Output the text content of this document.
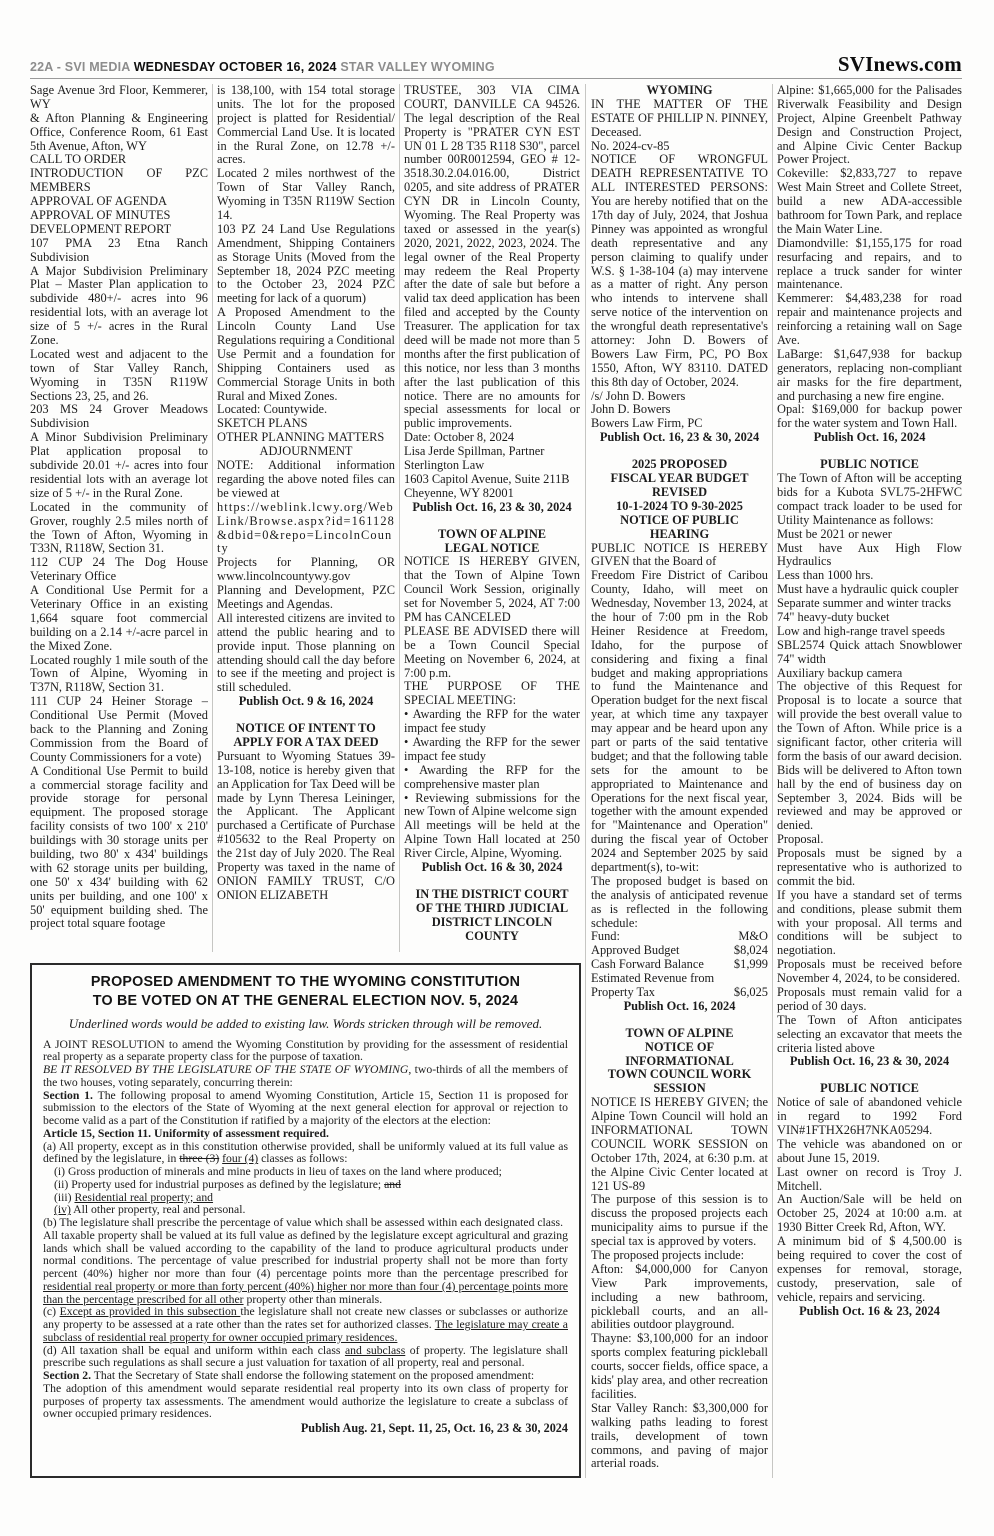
22A - SVI MEDIA WEDNESDAY OCTOBER 16, 2024 STAR VALLEY WYOMING	SVInews.com

Sage Avenue 3rd Floor, Kemmerer, WY

& Afton Planning & Engineering Office, Conference Room, 61 East 5th Avenue, Afton, WY

CALL TO ORDER

INTRODUCTION OF PZC MEMBERS

APPROVAL OF AGENDA

APPROVAL OF MINUTES

DEVELOPMENT REPORT

107 PMA 23 Etna Ranch Subdivision

A Major Subdivision Preliminary Plat – Master Plan application to subdivide 480+/- acres into 96 residential lots, with an average lot size of 5 +/- acres in the Rural Zone.

Located west and adjacent to the town of Star Valley Ranch, Wyoming in T35N R119W Sections 23, 25, and 26.

203 MS 24 Grover Meadows Subdivision

A Minor Subdivision Preliminary Plat application proposal to subdivide 20.01 +/- acres into four residential lots with an average lot size of 5 +/- in the Rural Zone.

Located in the community of Grover, roughly 2.5 miles north of the Town of Afton, Wyoming in T33N, R118W, Section 31.

112 CUP 24 The Dog House Veterinary Office

A Conditional Use Permit for a Veterinary Office in an existing 1,664 square foot commercial building on a 2.14 +/-acre parcel in the Mixed Zone.

Located roughly 1 mile south of the Town of Alpine, Wyoming in T37N, R118W, Section 31.

111 CUP 24 Heiner Storage – Conditional Use Permit (Moved back to the Planning and Zoning Commission from the Board of County Commissioners for a vote)

A Conditional Use Permit to build a commercial storage facility and provide storage for personal equipment. The proposed storage facility consists of two 100' x 210' buildings with 30 storage units per building, two 80' x 434' buildings with 62 storage units per building, one 50' x 434' building with 62 units per building, and one 100' x 50' equipment building shed. The project total square footage

is 138,100, with 154 total storage units. The lot for the proposed project is platted for Residential/ Commercial Land Use. It is located in the Rural Zone, on 12.78 +/- acres.

Located 2 miles northwest of the Town of Star Valley Ranch, Wyoming in T35N R119W Section 14.

103 PZ 24 Land Use Regulations Amendment, Shipping Containers as Storage Units (Moved from the September 18, 2024 PZC meeting to the October 23, 2024 PZC meeting for lack of a quorum)

A Proposed Amendment to the Lincoln County Land Use Regulations requiring a Conditional Use Permit and a foundation for Shipping Containers used as Commercial Storage Units in both Rural and Mixed Zones.

Located: Countywide.

SKETCH PLANS

OTHER PLANNING MATTERS

ADJOURNMENT

NOTE: Additional information regarding the above noted files can be viewed at

https://weblink.lcwy.org/WebLink/Browse.aspx?id=161128&dbid=0&repo=LincolnCounty

Projects for Planning, OR www.lincolncountywy.gov Planning and Development, PZC Meetings and Agendas.

All interested citizens are invited to attend the public hearing and to provide input. Those planning on attending should call the day before to see if the meeting and project is still scheduled.

Publish Oct. 9 & 16, 2024

NOTICE OF INTENT TO APPLY FOR A TAX DEED

Pursuant to Wyoming Statues 39-13-108, notice is hereby given that an Application for Tax Deed will be made by Lynn Theresa Leininger, the Applicant. The Applicant purchased a Certificate of Purchase #105632 to the Real Property on the 21st day of July 2020. The Real Property was taxed in the name of ONION FAMILY TRUST, C/O ONION ELIZABETH

TRUSTEE, 303 VIA CIMA COURT, DANVILLE CA 94526. The legal description of the Real Property is "PRATER CYN EST UN 01 L 28 T35 R118 S30", parcel number 00R0012594, GEO # 12-3518.30.2.04.016.00, District 0205, and site address of PRATER CYN DR in Lincoln County, Wyoming. The Real Property was taxed or assessed in the year(s) 2020, 2021, 2022, 2023, 2024. The legal owner of the Real Property may redeem the Real Property after the date of sale but before a valid tax deed application has been filed and accepted by the County Treasurer. The application for tax deed will be made not more than 5 months after the first publication of this notice, nor less than 3 months after the last publication of this notice. There are no amounts for special assessments for local or public improvements.

Date: October 8, 2024

Lisa Jerde Spillman, Partner

Sterlington Law

1603 Capitol Avenue, Suite 211B

Cheyenne, WY 82001

Publish Oct. 16, 23 & 30, 2024

TOWN OF ALPINE

LEGAL NOTICE

NOTICE IS HEREBY GIVEN, that the Town of Alpine Town Council Work Session, originally set for November 5, 2024, AT 7:00 PM has CANCELED

PLEASE BE ADVISED there will be a Town Council Special Meeting on November 6, 2024, at 7:00 p.m.

THE PURPOSE OF THE SPECIAL MEETING:

• Awarding the RFP for the water impact fee study

• Awarding the RFP for the sewer impact fee study

• Awarding the RFP for the comprehensive master plan

• Reviewing submissions for the new Town of Alpine welcome sign

All meetings will be held at the Alpine Town Hall located at 250 River Circle, Alpine, Wyoming.

Publish Oct. 16 & 30, 2024

IN THE DISTRICT COURT

OF THE THIRD JUDICIAL

DISTRICT LINCOLN COUNTY

WYOMING

IN THE MATTER OF THE ESTATE OF PHILLIP N. PINNEY, Deceased.

No. 2024-cv-85

NOTICE OF WRONGFUL DEATH REPRESENTATIVE TO ALL INTERESTED PERSONS: You are hereby notified that on the 17th day of July, 2024, that Joshua Pinney was appointed as wrongful death representative and any person claiming to qualify under W.S. § 1-38-104 (a) may intervene as a matter of right. Any person who intends to intervene shall serve notice of the intervention on the wrongful death representative's attorney: John D. Bowers of Bowers Law Firm, PC, PO Box 1550, Afton, WY 83110. DATED this 8th day of October, 2024.

/s/ John D. Bowers

John D. Bowers

Bowers Law Firm, PC

Publish Oct. 16, 23 & 30, 2024

2025 PROPOSED

FISCAL YEAR BUDGET

REVISED

10-1-2024 TO 9-30-2025

NOTICE OF PUBLIC HEARING

PUBLIC NOTICE IS HEREBY GIVEN that the Board of

Freedom Fire District of Caribou County, Idaho, will meet on Wednesday, November 13, 2024, at the hour of 7:00 pm in the Rob Heiner Residence at Freedom, Idaho, for the purpose of considering and fixing a final budget and making appropriations to fund the Maintenance and Operation budget for the next fiscal year, at which time any taxpayer may appear and be heard upon any part or parts of the said tentative budget; and that the following table sets for the amount to be appropriated to Maintenance and Operations for the next fiscal year, together with the amount expended for "Maintenance and Operation" during the fiscal year of October 2024 and September 2025 by said department(s), to-wit:

The proposed budget is based on the analysis of anticipated revenue as is reflected in the following schedule:

Fund:	M&O
Approved Budget	$8,024
Cash Forward Balance $1,999

Estimated Revenue from

Property Tax	$6,025

Publish Oct. 16, 2024

TOWN OF ALPINE

NOTICE OF INFORMATIONAL

TOWN COUNCIL WORK

SESSION

NOTICE IS HEREBY GIVEN; the Alpine Town Council will hold an INFORMATIONAL TOWN COUNCIL WORK SESSION on October 17th, 2024, at 6:30 p.m. at the Alpine Civic Center located at 121 US-89

The purpose of this session is to discuss the proposed projects each municipality aims to pursue if the special tax is approved by voters.

The proposed projects include:

Afton: $4,000,000 for Canyon View Park improvements, including a new bathroom, pickleball courts, and an all-abilities outdoor playground.

Thayne: $3,100,000 for an indoor sports complex featuring pickleball courts, soccer fields, office space, a kids' play area, and other recreation facilities.

Star Valley Ranch: $3,300,000 for walking paths leading to forest trails, development of town commons, and paving of major arterial roads.

Alpine: $1,665,000 for the Palisades Riverwalk Feasibility and Design Project, Alpine Greenbelt Pathway Design and Construction Project, and Alpine Civic Center Backup Power Project.

Cokeville: $2,833,727 to repave West Main Street and Collete Street, build a new ADA-accessible bathroom for Town Park, and replace the Main Water Line.

Diamondville: $1,155,175 for road resurfacing and repairs, and to replace a truck sander for winter maintenance.

Kemmerer: $4,483,238 for road repair and maintenance projects and reinforcing a retaining wall on Sage Ave.

LaBarge: $1,647,938 for backup generators, replacing non-compliant air masks for the fire department, and purchasing a new fire engine.

Opal: $169,000 for backup power for the water system and Town Hall.

Publish Oct. 16, 2024

PUBLIC NOTICE

The Town of Afton will be accepting bids for a Kubota SVL75-2HFWC compact track loader to be used for Utility Maintenance as follows:

Must be 2021 or newer

Must have Aux High Flow Hydraulics

Less than 1000 hrs.

Must have a hydraulic quick coupler

Separate summer and winter tracks

74" heavy-duty bucket

Low and high-range travel speeds

SBL2574 Quick attach Snowblower 74" width

Auxiliary backup camera

The objective of this Request for Proposal is to locate a source that will provide the best overall value to the Town of Afton. While price is a significant factor, other criteria will form the basis of our award decision. Bids will be delivered to Afton town hall by the end of business day on September 3, 2024. Bids will be reviewed and may be approved or denied.

Proposal.

Proposals must be signed by a representative who is authorized to commit the bid.

If you have a standard set of terms and conditions, please submit them with your proposal. All terms and conditions will be subject to negotiation.

Proposals must be received before November 4, 2024, to be considered.

Proposals must remain valid for a period of 30 days.

The Town of Afton anticipates selecting an excavator that meets the criteria listed above

Publish Oct. 16, 23 & 30, 2024

PUBLIC NOTICE

Notice of sale of abandoned vehicle in regard to 1992 Ford VIN#1FTHX26H7NKA05294.

The vehicle was abandoned on or about June 15, 2019.

Last owner on record is Troy J. Mitchell.

An Auction/Sale will be held on October 25, 2024 at 10:00 a.m. at 1930 Bitter Creek Rd, Afton, WY.

A minimum bid of $ 4,500.00 is being required to cover the cost of expenses for removal, storage, custody, preservation, sale of vehicle, repairs and servicing.

Publish Oct. 16 & 23, 2024

PROPOSED AMENDMENT TO THE WYOMING CONSTITUTION
TO BE VOTED ON AT THE GENERAL ELECTION NOV. 5, 2024
Underlined words would be added to existing law. Words stricken through will be removed.

A JOINT RESOLUTION to amend the Wyoming Constitution by providing for the assessment of residential real property as a separate property class for the purpose of taxation.

BE IT RESOLVED BY THE LEGISLATURE OF THE STATE OF WYOMING, two-thirds of all the members of the two houses, voting separately, concurring therein:

Section 1. The following proposal to amend Wyoming Constitution, Article 15, Section 11 is proposed for submission to the electors of the State of Wyoming at the next general election for approval or rejection to become valid as a part of the Constitution if ratified by a majority of the electors at the election:

Article 15, Section 11. Uniformity of assessment required.

(a) All property, except as in this constitution otherwise provided, shall be uniformly valued at its full value as defined by the legislature, in three (3) four (4) classes as follows:

(i) Gross production of minerals and mine products in lieu of taxes on the land where produced;

(ii) Property used for industrial purposes as defined by the legislature; and

(iii) Residential real property; and

(iv) All other property, real and personal.

(b) The legislature shall prescribe the percentage of value which shall be assessed within each designated class.

All taxable property shall be valued at its full value as defined by the legislature except agricultural and grazing lands which shall be valued according to the capability of the land to produce agricultural products under normal conditions. The percentage of value prescribed for industrial property shall not be more than forty percent (40%) higher nor more than four (4) percentage points more than the percentage prescribed for residential real property or more than forty percent (40%) higher nor more than four (4) percentage points more than the percentage prescribed for all other property other than minerals.

(c) Except as provided in this subsection the legislature shall not create new classes or subclasses or authorize any property to be assessed at a rate other than the rates set for authorized classes. The legislature may create a subclass of residential real property for owner occupied primary residences.

(d) All taxation shall be equal and uniform within each class and subclass of property. The legislature shall prescribe such regulations as shall secure a just valuation for taxation of all property, real and personal.

Section 2. That the Secretary of State shall endorse the following statement on the proposed amendment:

The adoption of this amendment would separate residential real property into its own class of property for purposes of property tax assessments. The amendment would authorize the legislature to create a subclass of owner occupied primary residences.

Publish Aug. 21, Sept. 11, 25, Oct. 16, 23 & 30, 2024
